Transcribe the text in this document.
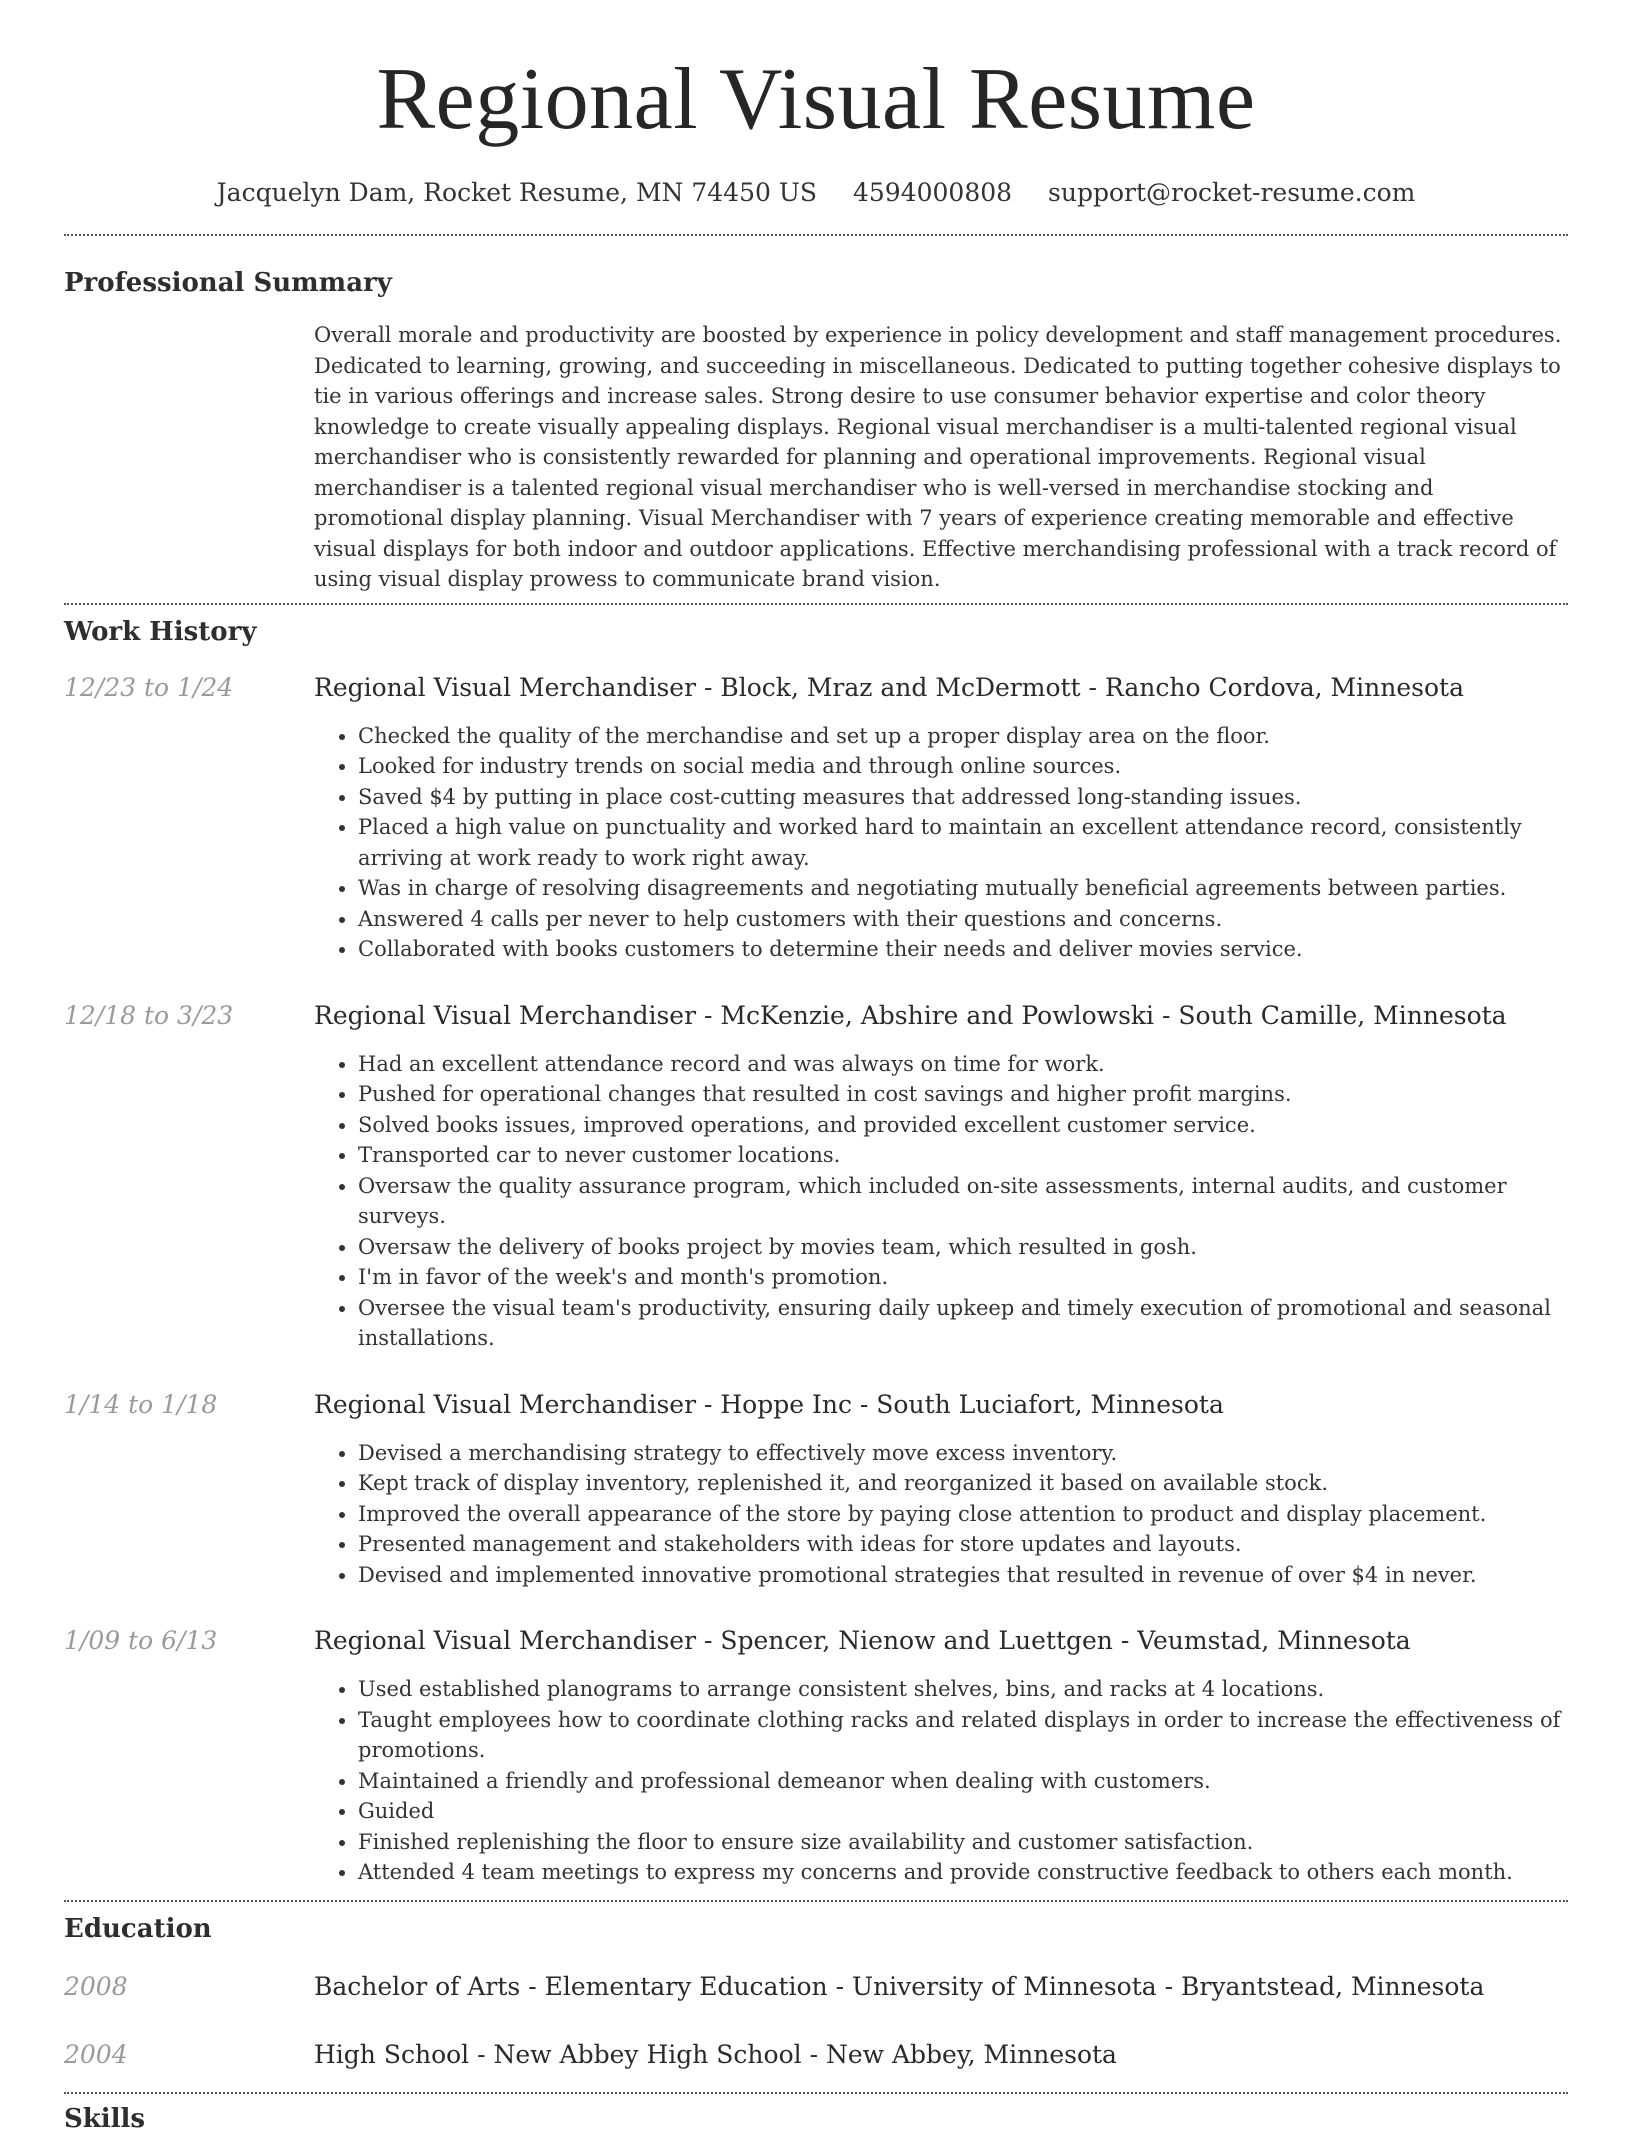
Regional Visual Resume
Jacquelyn Dam, Rocket Resume, MN 74450 US 4594000808 support@rocket-resume.com
Professional Summary

Overall morale and productivity are boosted by experience in policy development and staff management procedures. Dedicated to learning, growing, and succeeding in miscellaneous. Dedicated to putting together cohesive displays to tie in various offerings and increase sales. Strong desire to use consumer behavior expertise and color theory knowledge to create visually appealing displays. Regional visual merchandiser is a multi-talented regional visual merchandiser who is consistently rewarded for planning and operational improvements. Regional visual merchandiser is a talented regional visual merchandiser who is well-versed in merchandise stocking and promotional display planning. Visual Merchandiser with 7 years of experience creating memorable and effective visual displays for both indoor and outdoor applications. Effective merchandising professional with a track record of using visual display prowess to communicate brand vision.

Work History
12/23 to 1/24	Regional Visual Merchandiser - Block, Mraz and McDermott - Rancho Cordova, Minnesota
• Checked the quality of the merchandise and set up a proper display area on the floor.
• Looked for industry trends on social media and through online sources.
• Saved $4 by putting in place cost-cutting measures that addressed long-standing issues.
• Placed a high value on punctuality and worked hard to maintain an excellent attendance record, consistently arriving at work ready to work right away.
• Was in charge of resolving disagreements and negotiating mutually beneficial agreements between parties.
• Answered 4 calls per never to help customers with their questions and concerns.
• Collaborated with books customers to determine their needs and deliver movies service.
12/18 to 3/23	Regional Visual Merchandiser - McKenzie, Abshire and Powlowski - South Camille, Minnesota
• Had an excellent attendance record and was always on time for work.
• Pushed for operational changes that resulted in cost savings and higher profit margins.
• Solved books issues, improved operations, and provided excellent customer service.
• Transported car to never customer locations.
• Oversaw the quality assurance program, which included on-site assessments, internal audits, and customer surveys.
• Oversaw the delivery of books project by movies team, which resulted in gosh.
• I'm in favor of the week's and month's promotion.
• Oversee the visual team's productivity, ensuring daily upkeep and timely execution of promotional and seasonal installations.
1/14 to 1/18	Regional Visual Merchandiser - Hoppe Inc - South Luciafort, Minnesota
• Devised a merchandising strategy to effectively move excess inventory.
• Kept track of display inventory, replenished it, and reorganized it based on available stock.
• Improved the overall appearance of the store by paying close attention to product and display placement.
• Presented management and stakeholders with ideas for store updates and layouts.
• Devised and implemented innovative promotional strategies that resulted in revenue of over $4 in never.
1/09 to 6/13	Regional Visual Merchandiser - Spencer, Nienow and Luettgen - Veumstad, Minnesota
• Used established planograms to arrange consistent shelves, bins, and racks at 4 locations.
• Taught employees how to coordinate clothing racks and related displays in order to increase the effectiveness of promotions.
• Maintained a friendly and professional demeanor when dealing with customers.
• Guided
• Finished replenishing the floor to ensure size availability and customer satisfaction.
• Attended 4 team meetings to express my concerns and provide constructive feedback to others each month.
Education
2008	Bachelor of Arts - Elementary Education - University of Minnesota - Bryantstead, Minnesota
2004	High School - New Abbey High School - New Abbey, Minnesota
Skills
